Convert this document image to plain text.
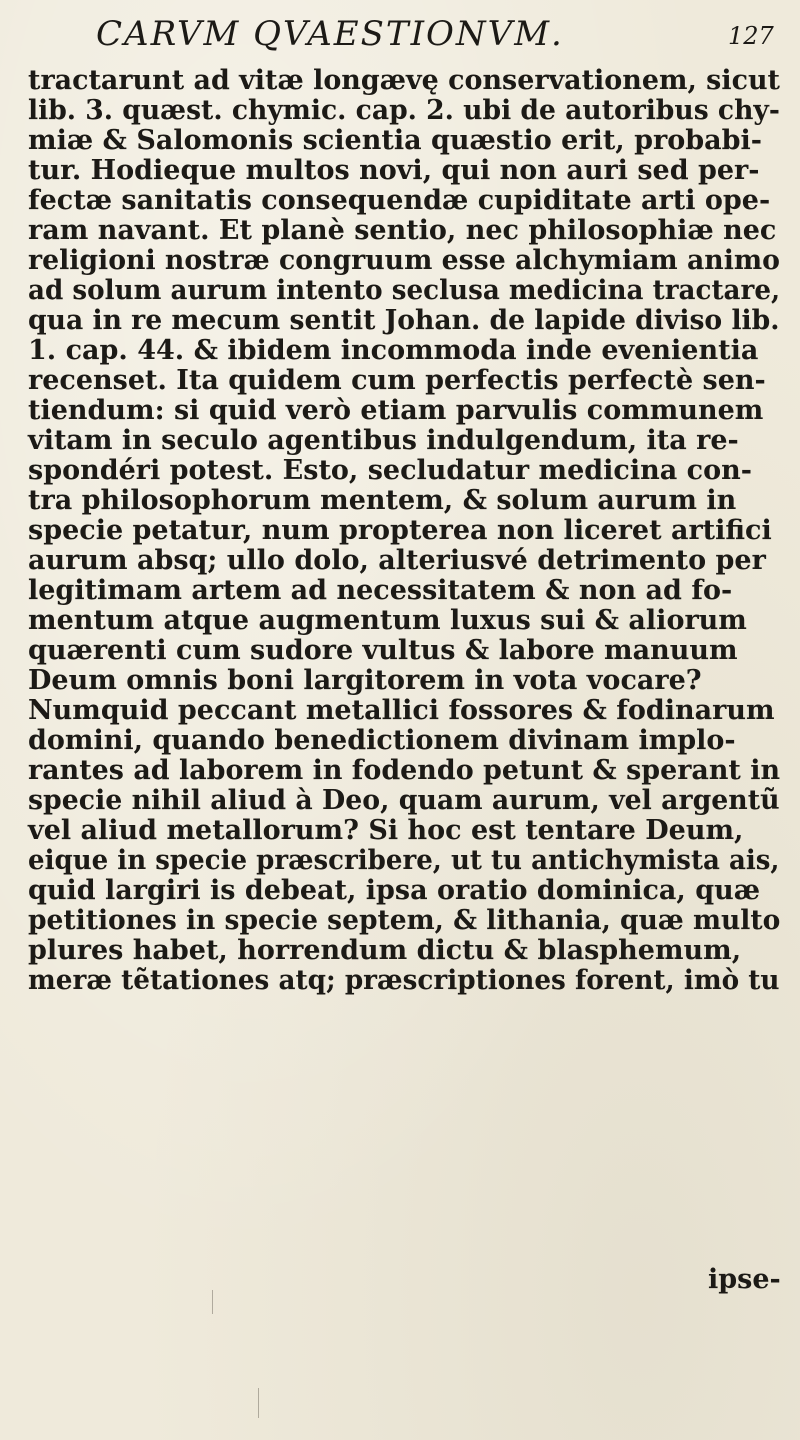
CARVM QVAESTIONVM.	127
tractarunt ad vitæ longævę conservationem, sicut
lib. 3. quæst. chymic. cap. 2. ubi de autoribus chy-
miæ & Salomonis scientia quæstio erit, probabi-
tur. Hodieque multos novi, qui non auri sed per-
fectæ sanitatis consequendæ cupiditate arti ope-
ram navant. Et planè sentio, nec philosophiæ nec
religioni nostræ congruum esse alchymiam animo
ad solum aurum intento seclusa medicina tractare,
qua in re mecum sentit Johan. de lapide diviso lib.
1. cap. 44. & ibidem incommoda inde evenientia
recenset. Ita quidem cum perfectis perfectè sen-
tiendum: si quid verò etiam parvulis communem
vitam in seculo agentibus indulgendum, ita re-
spondéri potest. Esto, secludatur medicina con-
tra philosophorum mentem, & solum aurum in
specie petatur, num propterea non liceret artifici
aurum absq; ullo dolo, alteriusvé detrimento per
legitimam artem ad necessitatem & non ad fo-
mentum atque augmentum luxus sui & aliorum
quærenti cum sudore vultus & labore manuum
Deum omnis boni largitorem in vota vocare?
Numquid peccant metallici fossores & fodinarum
domini, quando benedictionem divinam implo-
rantes ad laborem in fodendo petunt & sperant in
specie nihil aliud à Deo, quam aurum, vel argentũ
vel aliud metallorum? Si hoc est tentare Deum,
eique in specie præscribere, ut tu antichymista ais,
quid largiri is debeat, ipsa oratio dominica, quæ
petitiones in specie septem, & lithania, quæ multo
plures habet, horrendum dictu & blasphemum,
meræ tẽtationes atq; præscriptiones forent, imò tu
ipse-
